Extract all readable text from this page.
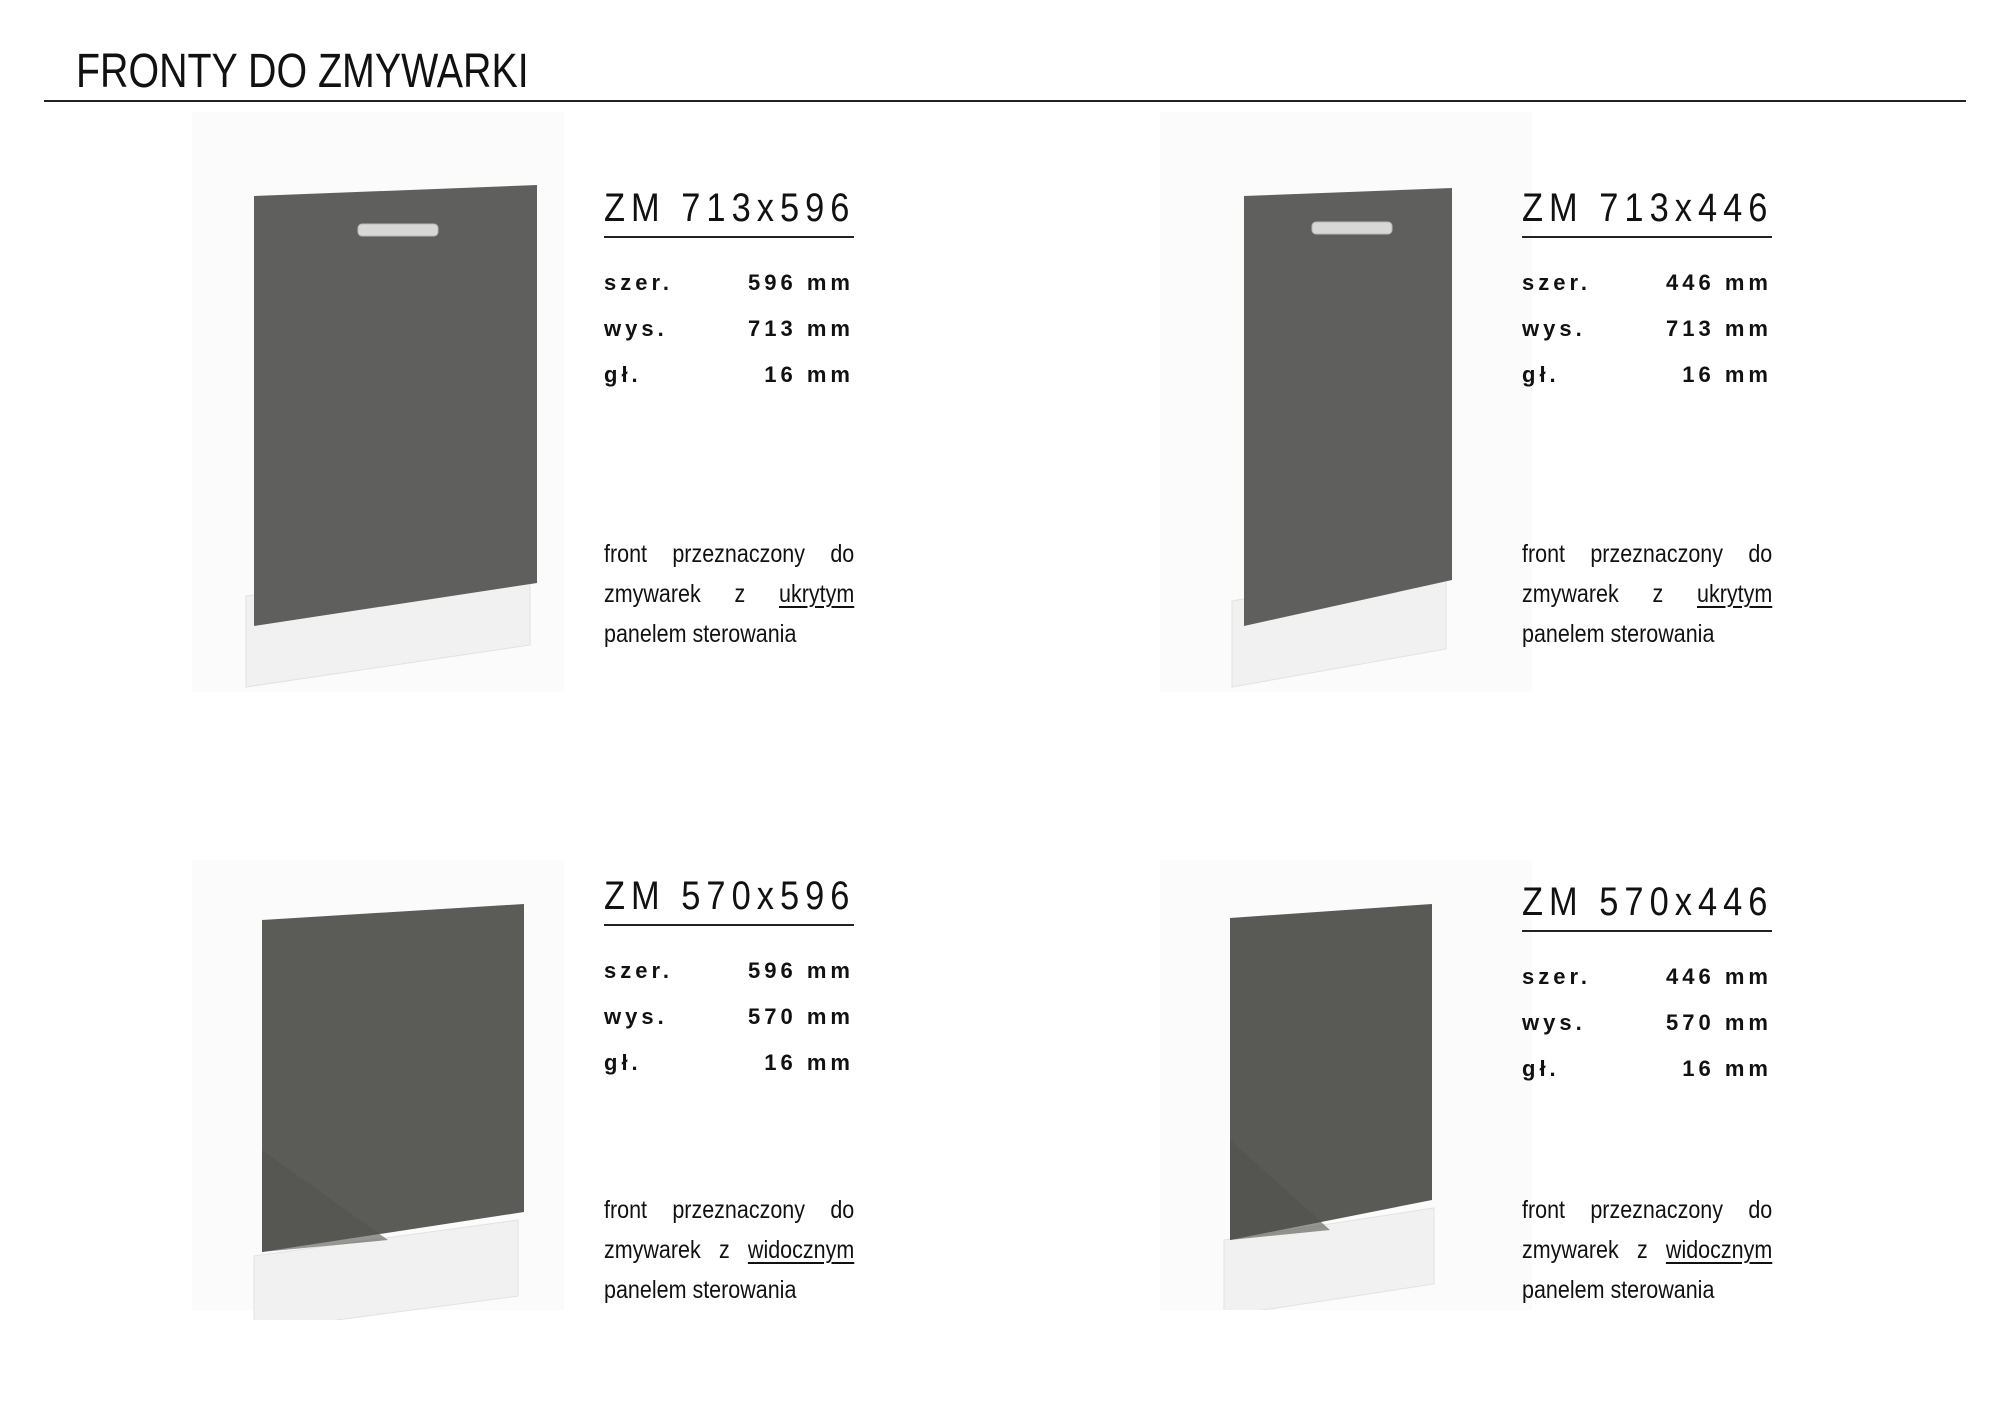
FRONTY DO ZMYWARKI
ZM 713x596
szer.	596 mm
wys.	713 mm
gł.	16 mm
front przeznaczony do zmywarek z ukrytym panelem sterowania
ZM 713x446
szer.	446 mm
wys.	713 mm
gł.	16 mm
front przeznaczony do zmywarek z ukrytym panelem sterowania
ZM 570x596
szer.	596 mm
wys.	570 mm
gł.	16 mm
front przeznaczony do zmywarek z widocznym panelem sterowania
ZM 570x446
szer.	446 mm
wys.	570 mm
gł.	16 mm
front przeznaczony do zmywarek z widocznym panelem sterowania
